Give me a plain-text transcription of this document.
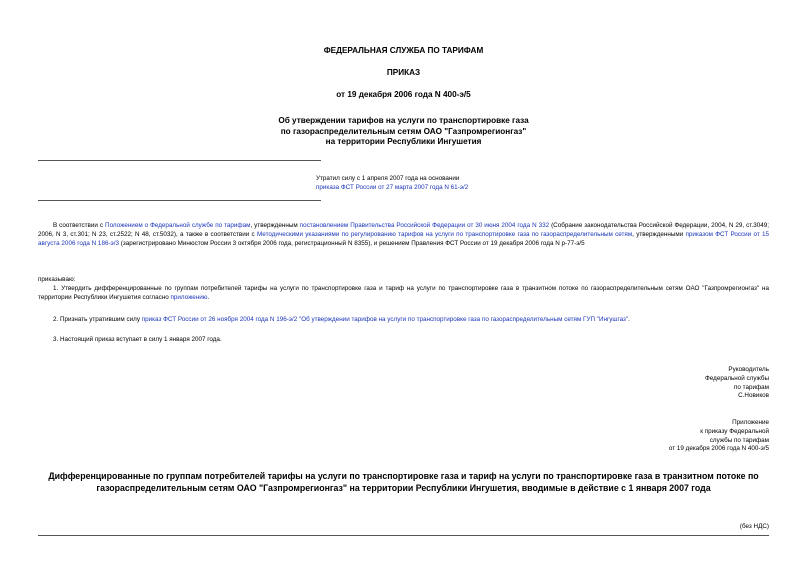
ФЕДЕРАЛЬНАЯ СЛУЖБА ПО ТАРИФАМ
ПРИКАЗ
от 19 декабря 2006 года N 400-э/5
Об утверждении тарифов на услуги по транспортировке газа
по газораспределительным сетям ОАО "Газпромрегионгаз"
на территории Республики Ингушетия
Утратил силу с 1 апреля 2007 года на основании
приказа ФСТ России от 27 марта 2007 года N 61-э/2
В соответствии с Положением о Федеральной службе по тарифам, утвержденным постановлением Правительства Российской Федерации от 30 июня 2004 года N 332 (Собрание законодательства Российской Федерации, 2004, N 29, ст.3049; 2006, N 3, ст.301; N 23, ст.2522; N 48, ст.5032), а также в соответствии с Методическими указаниями по регулированию тарифов на услуги по транспортировке газа по газораспределительным сетям, утвержденными приказом ФСТ России от 15 августа 2006 года N 186-э/3 (зарегистрировано Минюстом России 3 октября 2006 года, регистрационный N 8355), и решением Правления ФСТ России от 19 декабря 2006 года N р-77-э/5
приказываю:
1. Утвердить дифференцированные по группам потребителей тарифы на услуги по транспортировке газа и тариф на услуги по транспортировке газа в транзитном потоке по газораспределительным сетям ОАО "Газпромрегионгаз" на территории Республики Ингушетия согласно приложению.
2. Признать утратившим силу приказ ФСТ России от 26 ноября 2004 года N 196-э/2 "Об утверждении тарифов на услуги по транспортировке газа по газораспределительным сетям ГУП "Ингушгаз".
3. Настоящий приказ вступает в силу 1 января 2007 года.
Руководитель
Федеральной службы
по тарифам
С.Новиков
Приложение
к приказу Федеральной
службы по тарифам
от 19 декабря 2006 года N 400-э/5
Дифференцированные по группам потребителей тарифы на услуги по транспортировке газа и тариф на услуги по транспортировке газа в транзитном потоке по газораспределительным сетям ОАО "Газпромрегионгаз" на территории Республики Ингушетия, вводимые в действие с 1 января 2007 года
(без НДС)
